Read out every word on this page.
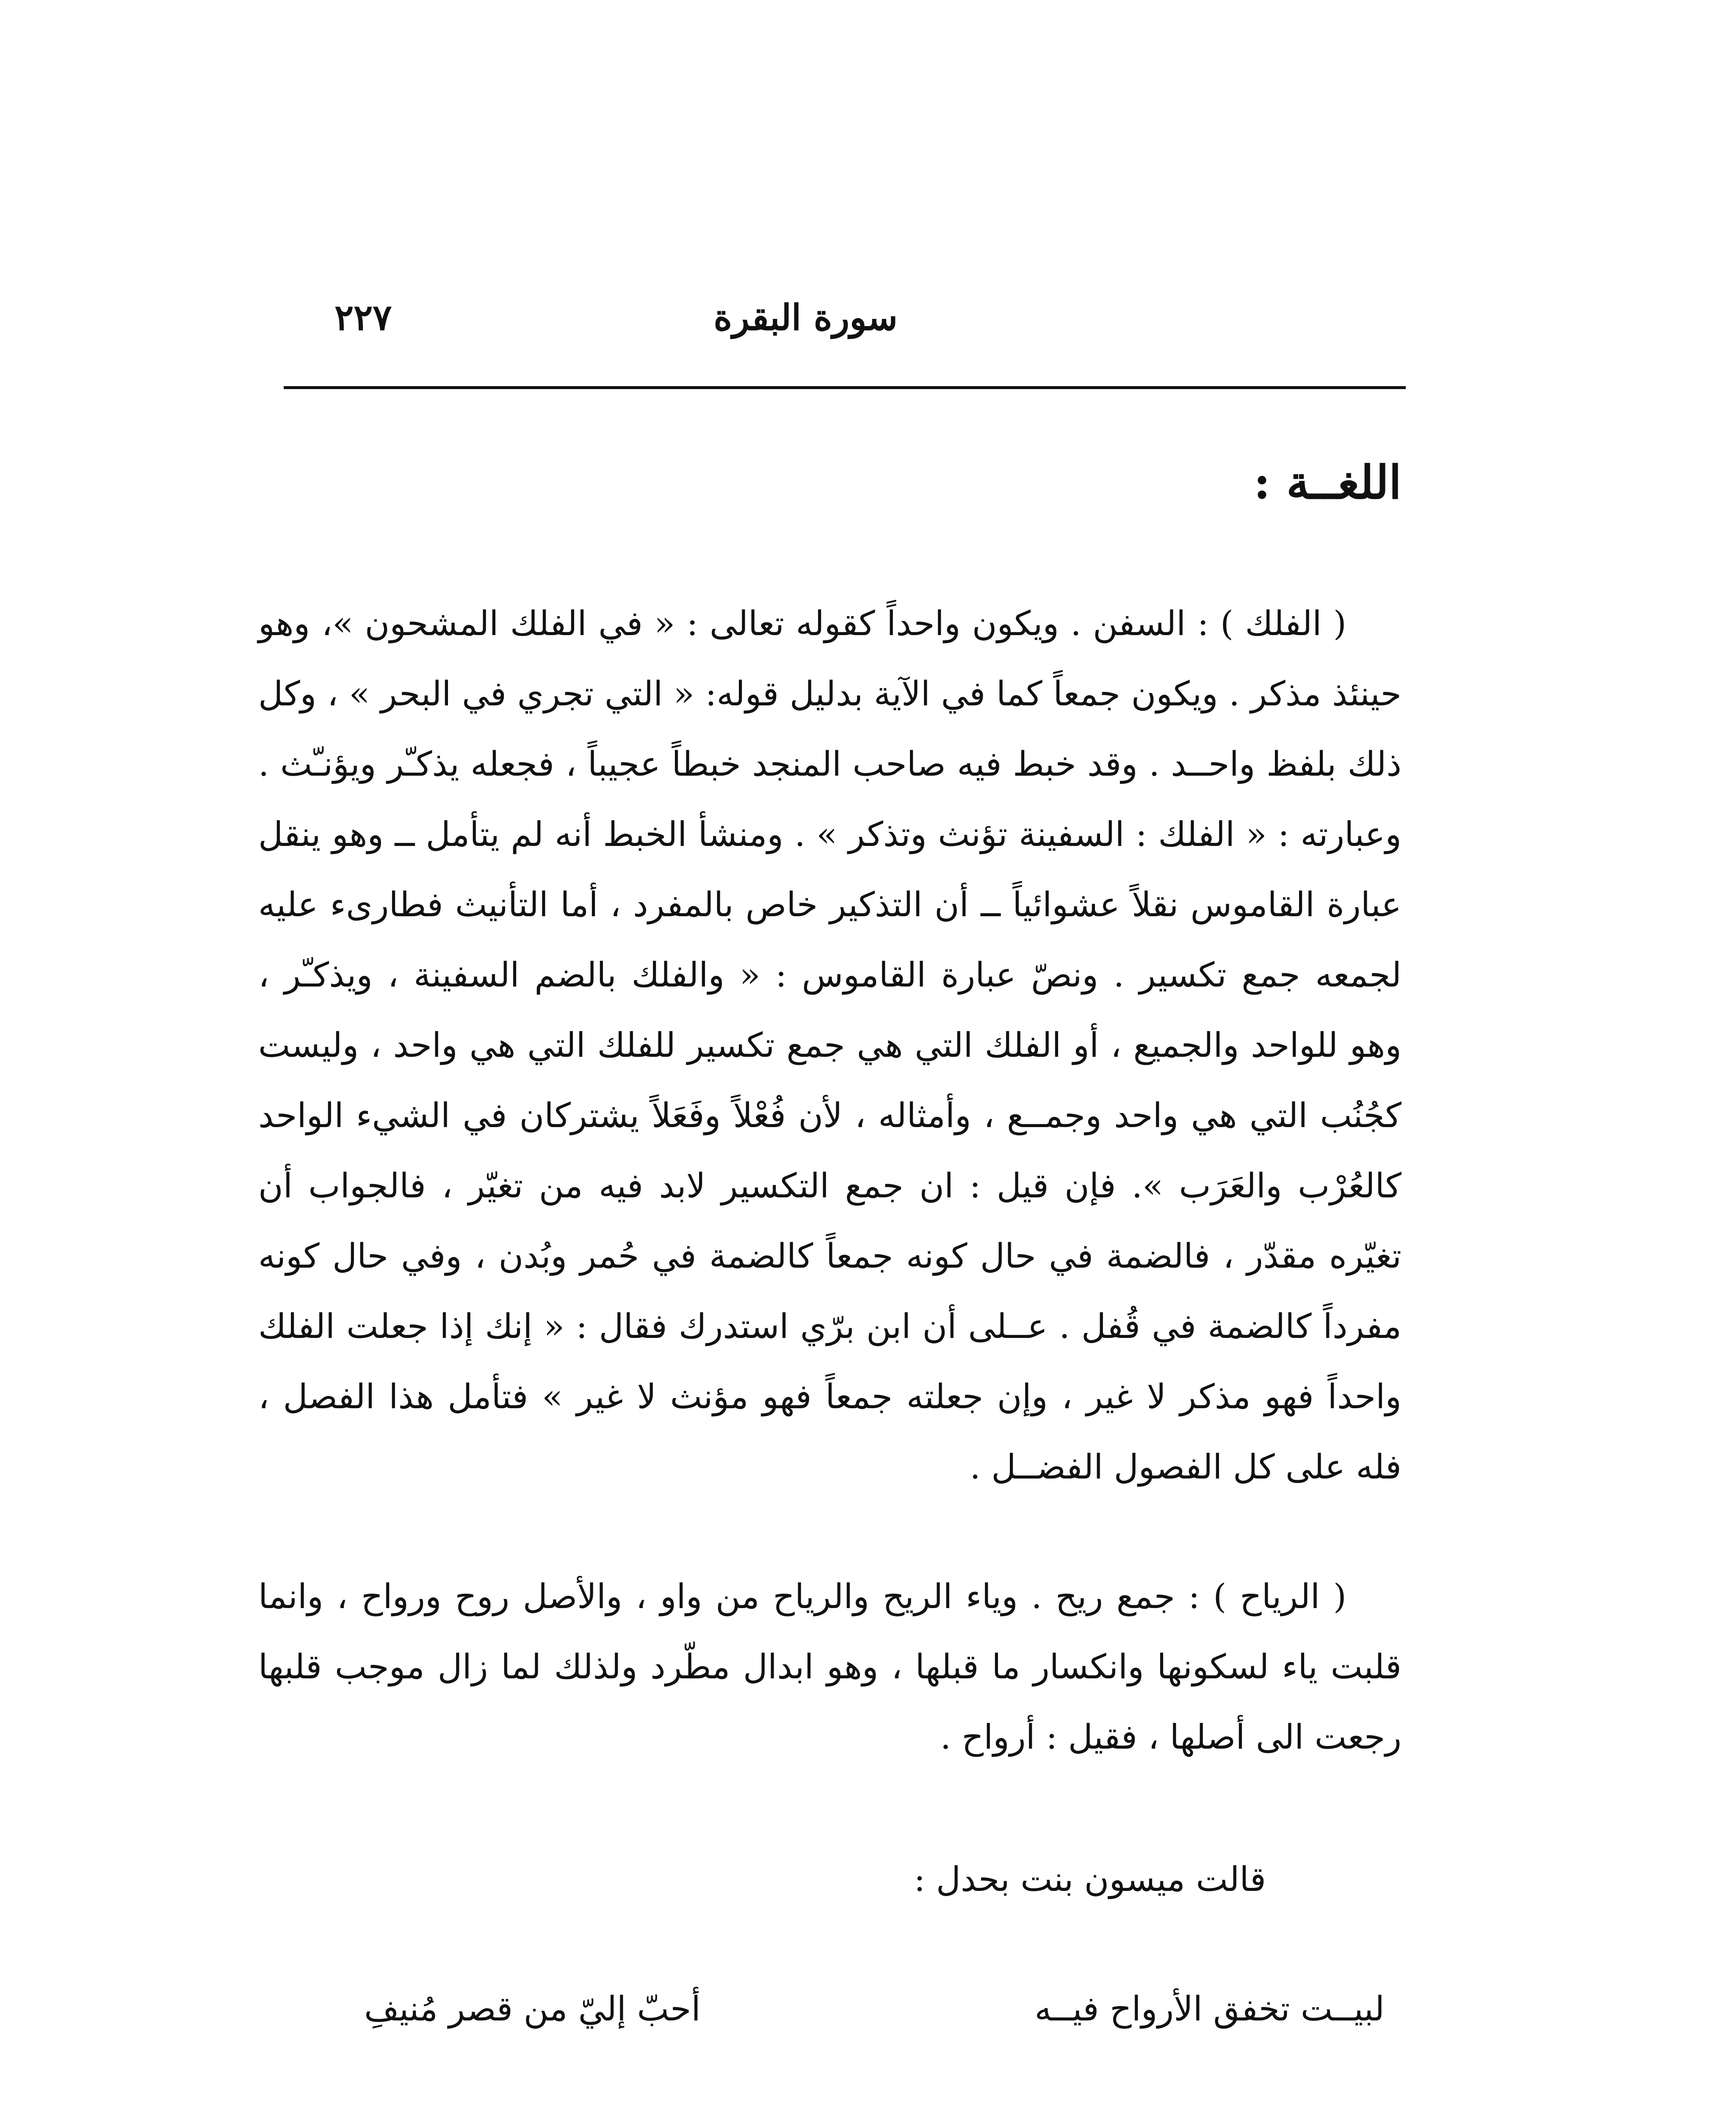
سورة البقرة
٢٢٧
اللغــة :

( الفلك ) : السفن . ويكون واحداً كقوله تعالى : « في الفلك المشحون »، وهو حينئذ مذكر . ويكون جمعاً كما في الآية بدليل قوله: « التي تجري في البحر » ، وكل ذلك بلفظ واحــد . وقد خبط فيه صاحب المنجد خبطاً عجيباً ، فجعله يذكـّر ويؤنـّث . وعبارته : « الفلك : السفينة تؤنث وتذكر » . ومنشأ الخبط أنه لم يتأمل ــ وهو ينقل عبارة القاموس نقلاً عشوائياً ــ أن التذكير خاص بالمفرد ، أما التأنيث فطارىء عليه لجمعه جمع تكسير . ونصّ عبارة القاموس : « والفلك بالضم السفينة ، ويذكـّر ، وهو للواحد والجميع ، أو الفلك التي هي جمع تكسير للفلك التي هي واحد ، وليست كجُنُب التي هي واحد وجمــع ، وأمثاله ، لأن فُعْلاً وفَعَلاً يشتركان في الشيء الواحد كالعُرْب والعَرَب ». فإن قيل : ان جمع التكسير لابد فيه من تغيّر ، فالجواب أن تغيّره مقدّر ، فالضمة في حال كونه جمعاً كالضمة في حُمر وبُدن ، وفي حال كونه مفرداً كالضمة في قُفل . عــلى أن ابن برّي استدرك فقال : « إنك إذا جعلت الفلك واحداً فهو مذكر لا غير ، وإن جعلته جمعاً فهو مؤنث لا غير » فتأمل هذا الفصل ، فله على كل الفصول الفضــل .

( الرياح ) : جمع ريح . وياء الريح والرياح من واو ، والأصل روح ورواح ، وانما قلبت ياء لسكونها وانكسار ما قبلها ، وهو ابدال مطّرد ولذلك لما زال موجب قلبها رجعت الى أصلها ، فقيل : أرواح .

قالت ميسون بنت بحدل :
لبيــت تخفق الأرواح فيــه
أحبّ إليّ من قصر مُنيفِ
